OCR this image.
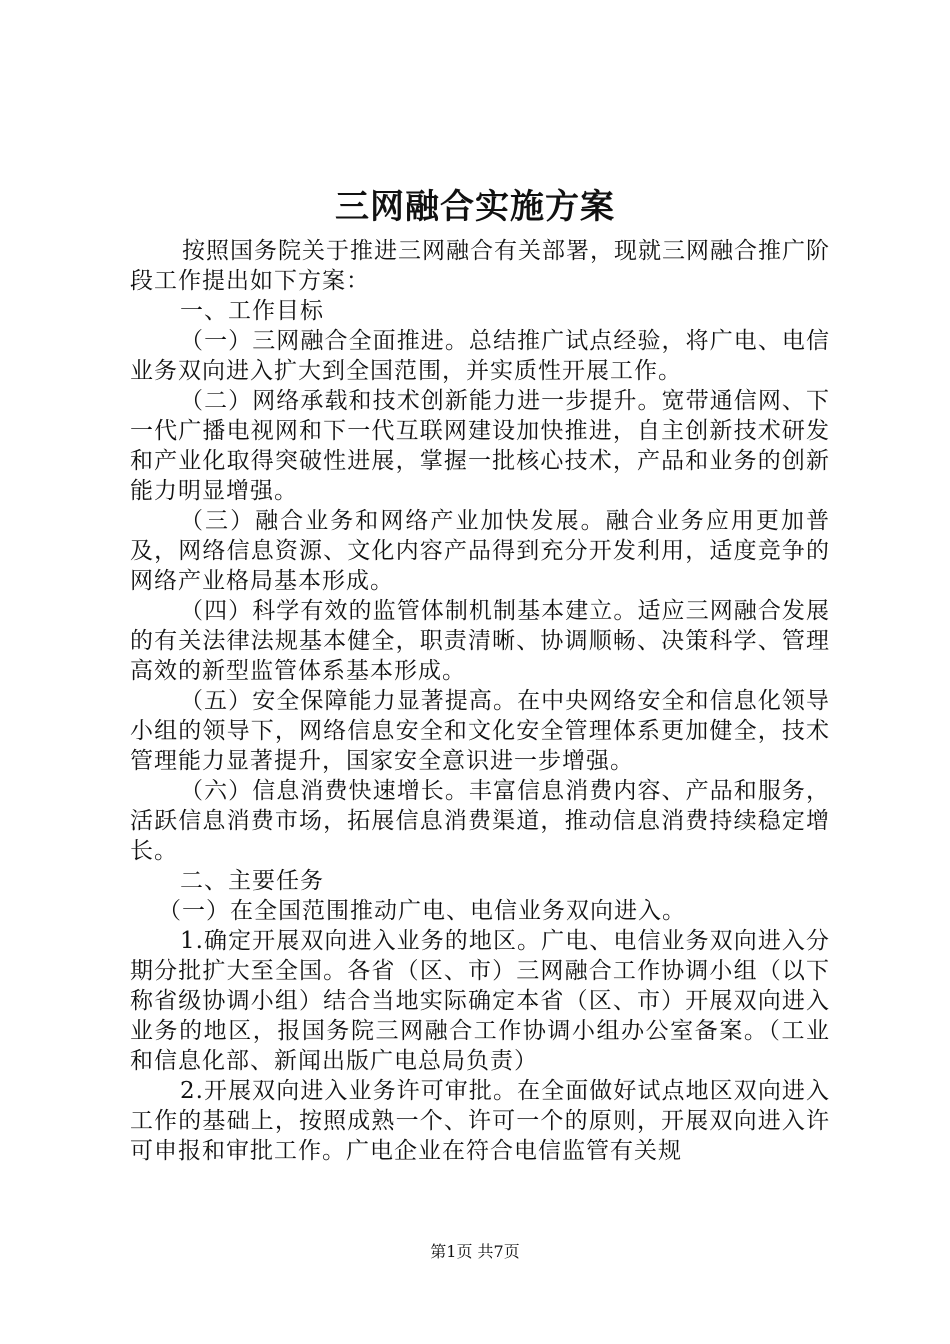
三网融合实施方案

按照国务院关于推进三网融合有关部署，现就三网融合推广阶段工作提出如下方案：

一、工作目标

（一）三网融合全面推进。总结推广试点经验，将广电、电信业务双向进入扩大到全国范围，并实质性开展工作。

（二）网络承载和技术创新能力进一步提升。宽带通信网、下一代广播电视网和下一代互联网建设加快推进，自主创新技术研发和产业化取得突破性进展，掌握一批核心技术，产品和业务的创新能力明显增强。

（三）融合业务和网络产业加快发展。融合业务应用更加普及，网络信息资源、文化内容产品得到充分开发利用，适度竞争的网络产业格局基本形成。

（四）科学有效的监管体制机制基本建立。适应三网融合发展的有关法律法规基本健全，职责清晰、协调顺畅、决策科学、管理高效的新型监管体系基本形成。

（五）安全保障能力显著提高。在中央网络安全和信息化领导小组的领导下，网络信息安全和文化安全管理体系更加健全，技术管理能力显著提升，国家安全意识进一步增强。

（六）信息消费快速增长。丰富信息消费内容、产品和服务，活跃信息消费市场，拓展信息消费渠道，推动信息消费持续稳定增长。

二、主要任务

（一）在全国范围推动广电、电信业务双向进入。

1.确定开展双向进入业务的地区。广电、电信业务双向进入分期分批扩大至全国。各省（区、市）三网融合工作协调小组（以下称省级协调小组）结合当地实际确定本省（区、市）开展双向进入业务的地区，报国务院三网融合工作协调小组办公室备案。（工业和信息化部、新闻出版广电总局负责）

2.开展双向进入业务许可审批。在全面做好试点地区双向进入工作的基础上，按照成熟一个、许可一个的原则，开展双向进入许可申报和审批工作。广电企业在符合电信监管有关规

第1页 共7页
